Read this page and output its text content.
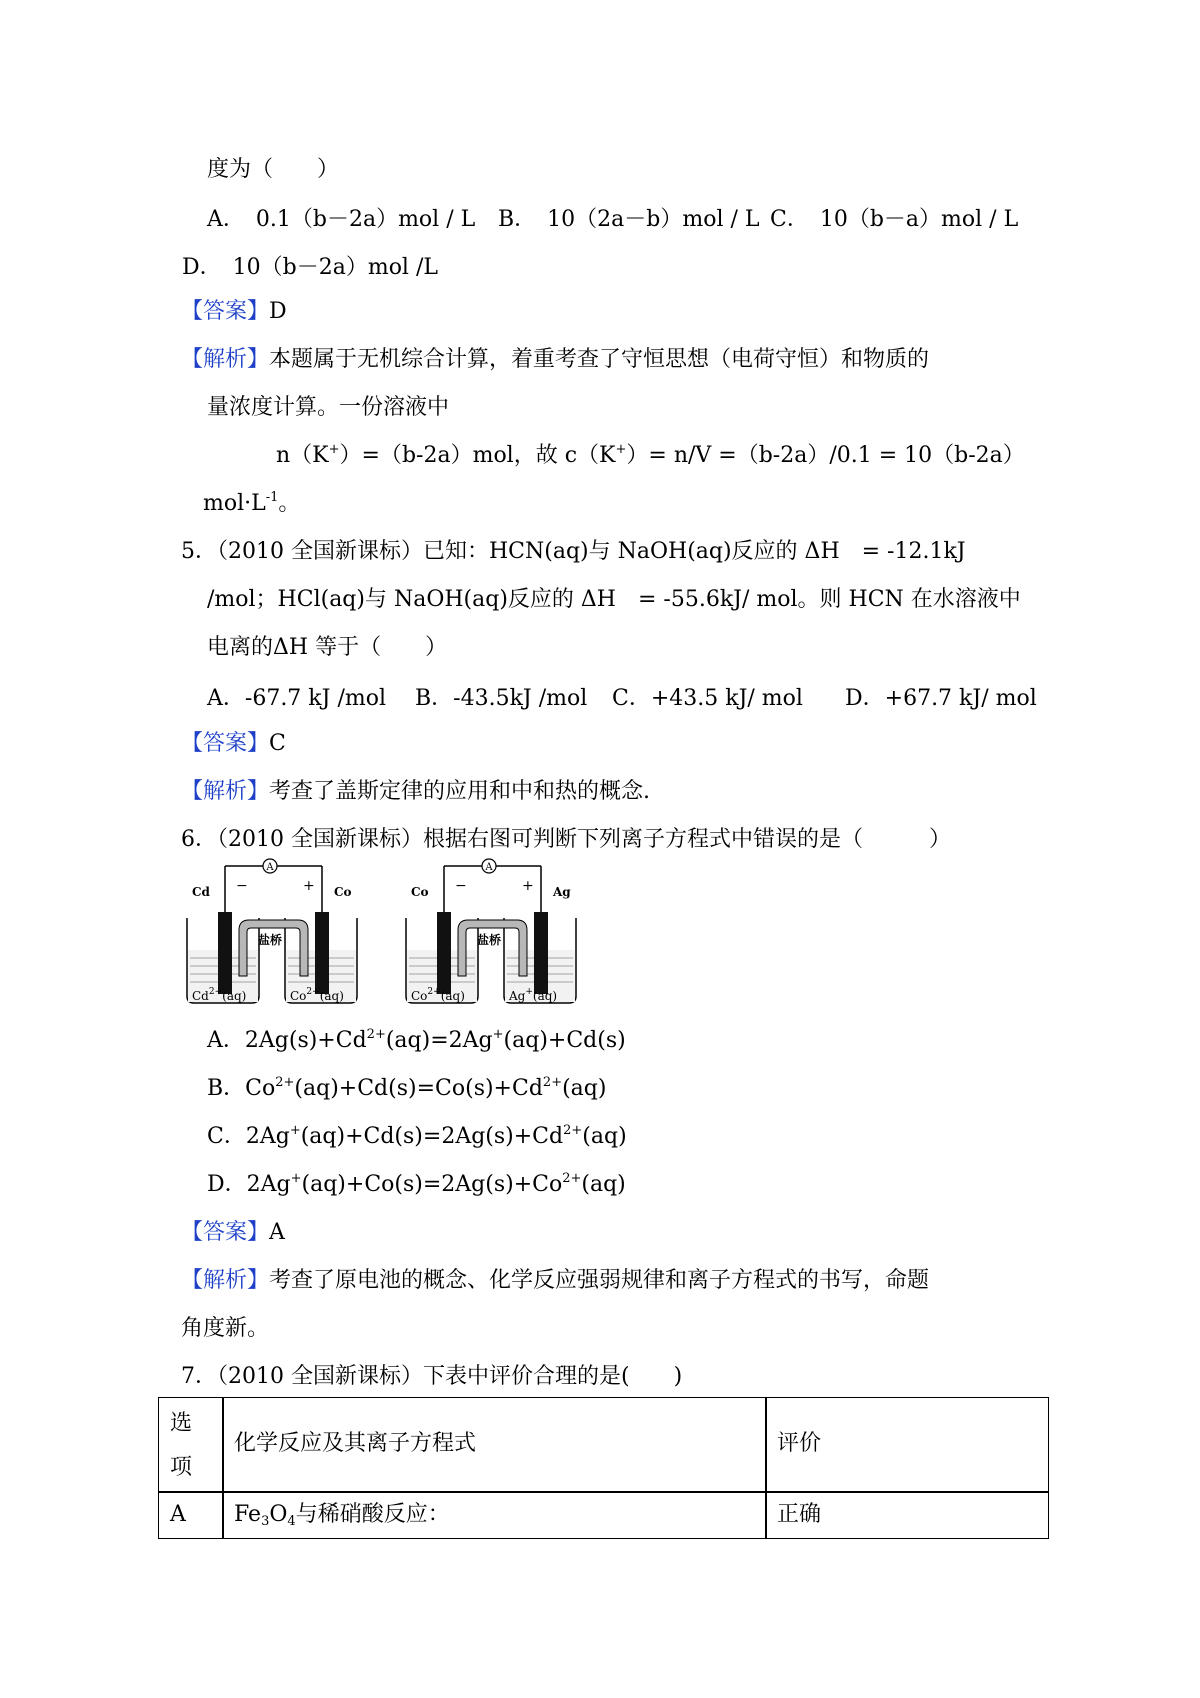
度为（　　）
A．　0.1（b－2a）mol / L B．　10（2a－b）mol / L C．　10（b－a）mol / L
D．　10（b－2a）mol /L
【答案】D
【解析】本题属于无机综合计算，着重考查了守恒思想（电荷守恒）和物质的
量浓度计算。一份溶液中
n（K+）=（b-2a）mol，故 c（K+）= n/V =（b-2a）/0.1 = 10（b-2a）
$mol\cdot L^{-1}$。
5．（2010 全国新课标）已知：HCN(aq)与 NaOH(aq)反应的 ΔH　= -12.1kJ
/mol；HCl(aq)与 NaOH(aq)反应的 ΔH　= -55.6kJ/ mol。则 HCN 在水溶液中
电离的ΔH 等于（　　）
A．-67.7 kJ /mol B．-43.5kJ /mol C．+43.5 kJ/ mol D．+67.7 kJ/ mol
【答案】C
【解析】考查了盖斯定律的应用和中和热的概念.
6．（2010 全国新课标）根据右图可判断下列离子方程式中错误的是（　　　）
A
Cd	Co
−	+
盐桥
$Cd^{2+}(aq)$	$Co^{2+}(aq)$
A
Co	Ag
−	+
盐桥
$Co^{2+}(aq)$	Ag+(aq)
A．$2Ag(s)+Cd^{2+}(aq)=2Ag^+(aq)+Cd(s)$
B．$Co^{2+}(aq)+Cd(s)=Co(s)+Cd^{2+}(aq)$
C．$2Ag^+(aq)+Cd(s)=2Ag(s)+Cd^{2+}(aq)$
D．$2Ag^+(aq)+Co(s)=2Ag(s)+Co^{2+}(aq)$
【答案】A
【解析】考查了原电池的概念、化学反应强弱规律和离子方程式的书写，命题
角度新。
7．（2010 全国新课标）下表中评价合理的是(　　)
选
项
化学反应及其离子方程式	评价
A $Fe_3O_4$与稀硝酸反应：	正确
